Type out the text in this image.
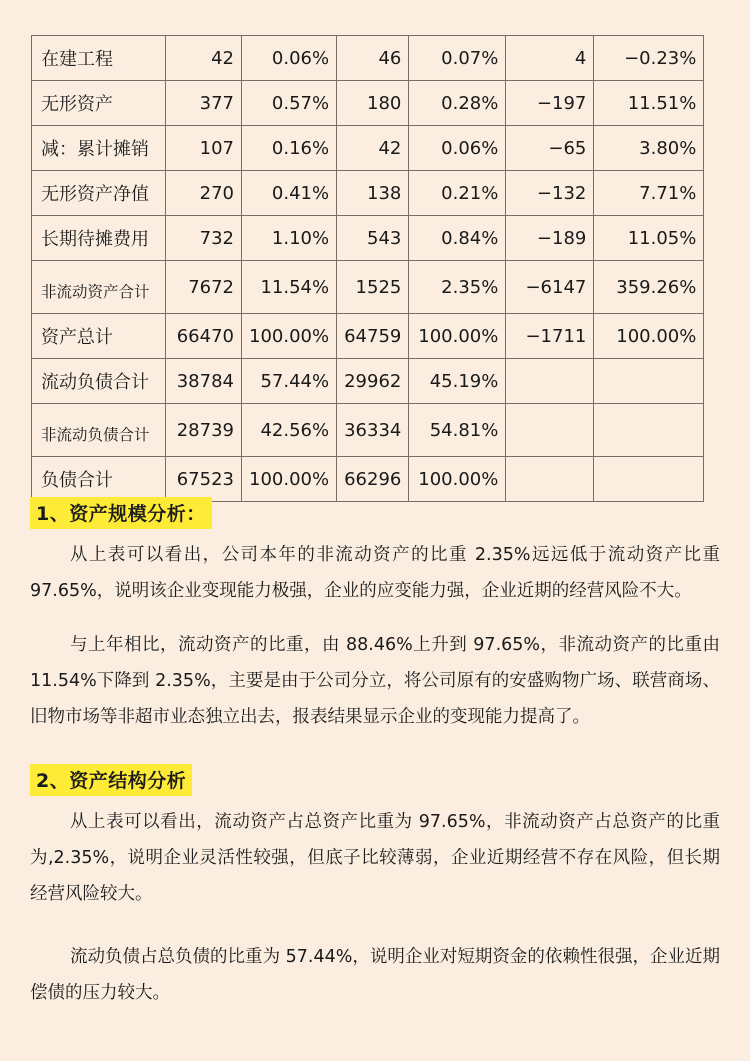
在建工程	42	0.06%	46	0.07%	4	−0.23%
无形资产	377	0.57%	180	0.28%	−197	11.51%
减：累计摊销	107	0.16%	42	0.06%	−65	3.80%
无形资产净值	270	0.41%	138	0.21%	−132	7.71%
长期待摊费用	732	1.10%	543	0.84%	−189	11.05%
非流动资产合计	7672	11.54%	1525	2.35%	−6147	359.26%
资产总计	66470	100.00%	64759	100.00%	−1711	100.00%
流动负债合计	38784	57.44%	29962	45.19%		
非流动负债合计	28739	42.56%	36334	54.81%		
负债合计	67523	100.00%	66296	100.00%		
1、资产规模分析：
从上表可以看出，公司本年的非流动资产的比重 2.35%远远低于流动资产比重 97.65%，说明该企业变现能力极强，企业的应变能力强，企业近期的经营风险不大。
与上年相比，流动资产的比重，由 88.46%上升到 97.65%，非流动资产的比重由 11.54%下降到 2.35%，主要是由于公司分立，将公司原有的安盛购物广场、联营商场、旧物市场等非超市业态独立出去，报表结果显示企业的变现能力提高了。
2、资产结构分析
从上表可以看出，流动资产占总资产比重为 97.65%，非流动资产占总资产的比重为,2.35%，说明企业灵活性较强，但底子比较薄弱，企业近期经营不存在风险，但长期经营风险较大。
流动负债占总负债的比重为 57.44%，说明企业对短期资金的依赖性很强，企业近期偿债的压力较大。
